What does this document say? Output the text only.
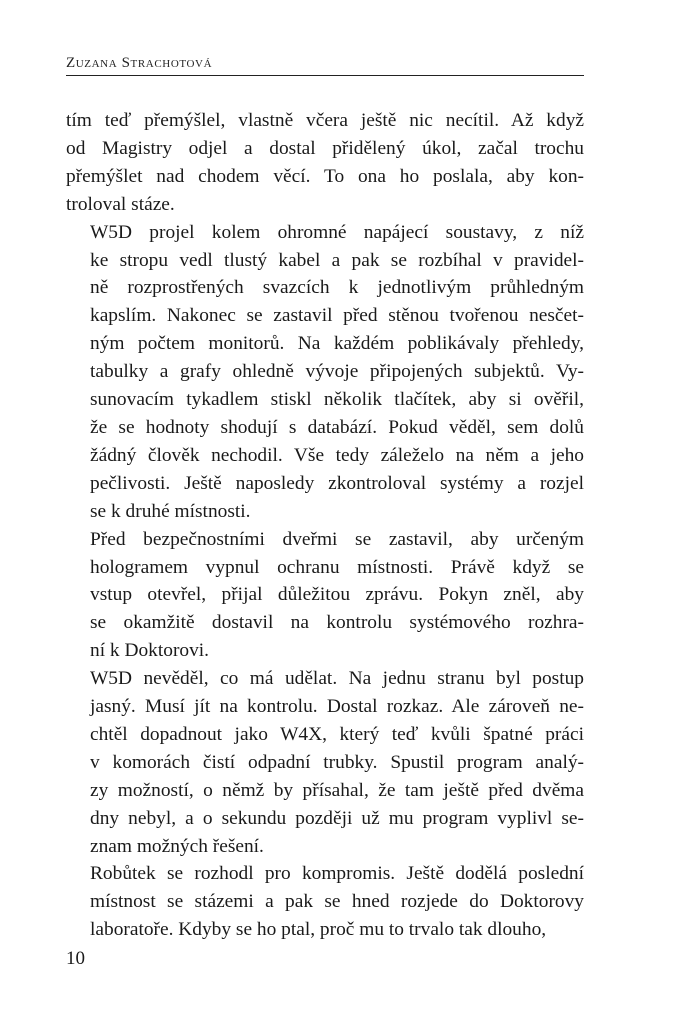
Zuzana Strachotová

tím teď přemýšlel, vlastně včera ještě nic necítil. Až když
od Magistry odjel a dostal přidělený úkol, začal trochu
přemýšlet nad chodem věcí. To ona ho poslala, aby kon-
troloval stáze.

W5D projel kolem ohromné napájecí soustavy, z níž
ke stropu vedl tlustý kabel a pak se rozbíhal v pravidel-
ně rozprostřených svazcích k jednotlivým průhledným
kapslím. Nakonec se zastavil před stěnou tvořenou nesčet-
ným počtem monitorů. Na každém poblikávaly přehledy,
tabulky a grafy ohledně vývoje připojených subjektů. Vy-
sunovacím tykadlem stiskl několik tlačítek, aby si ověřil,
že se hodnoty shodují s databází. Pokud věděl, sem dolů
žádný člověk nechodil. Vše tedy záleželo na něm a jeho
pečlivosti. Ještě naposledy zkontroloval systémy a rozjel
se k druhé místnosti.

Před bezpečnostními dveřmi se zastavil, aby určeným
hologramem vypnul ochranu místnosti. Právě když se
vstup otevřel, přijal důležitou zprávu. Pokyn zněl, aby
se okamžitě dostavil na kontrolu systémového rozhra-
ní k Doktorovi.

W5D nevěděl, co má udělat. Na jednu stranu byl postup
jasný. Musí jít na kontrolu. Dostal rozkaz. Ale zároveň ne-
chtěl dopadnout jako W4X, který teď kvůli špatné práci
v komorách čistí odpadní trubky. Spustil program analý-
zy možností, o němž by přísahal, že tam ještě před dvěma
dny nebyl, a o sekundu později už mu program vyplivl se-
znam možných řešení.

Robůtek se rozhodl pro kompromis. Ještě dodělá poslední
místnost se stázemi a pak se hned rozjede do Doktorovy
laboratoře. Kdyby se ho ptal, proč mu to trvalo tak dlouho,

10
